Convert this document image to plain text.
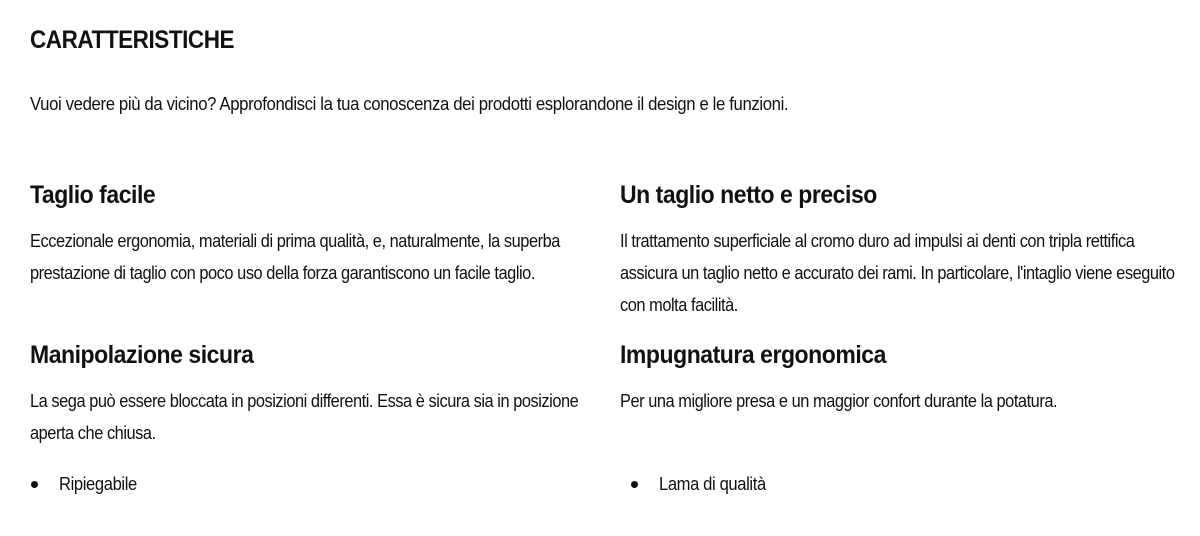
CARATTERISTICHE

Vuoi vedere più da vicino? Approfondisci la tua conoscenza dei prodotti esplorandone il design e le funzioni.

Taglio facile

Eccezionale ergonomia, materiali di prima qualità, e, naturalmente, la superba prestazione di taglio con poco uso della forza garantiscono un facile taglio.

Un taglio netto e preciso

Il trattamento superficiale al cromo duro ad impulsi ai denti con tripla rettifica assicura un taglio netto e accurato dei rami. In particolare, l'intaglio viene eseguito con molta facilità.

Manipolazione sicura

La sega può essere bloccata in posizioni differenti. Essa è sicura sia in posizione aperta che chiusa.

Impugnatura ergonomica

Per una migliore presa e un maggior confort durante la potatura.

Ripiegabile	Lama di qualità
